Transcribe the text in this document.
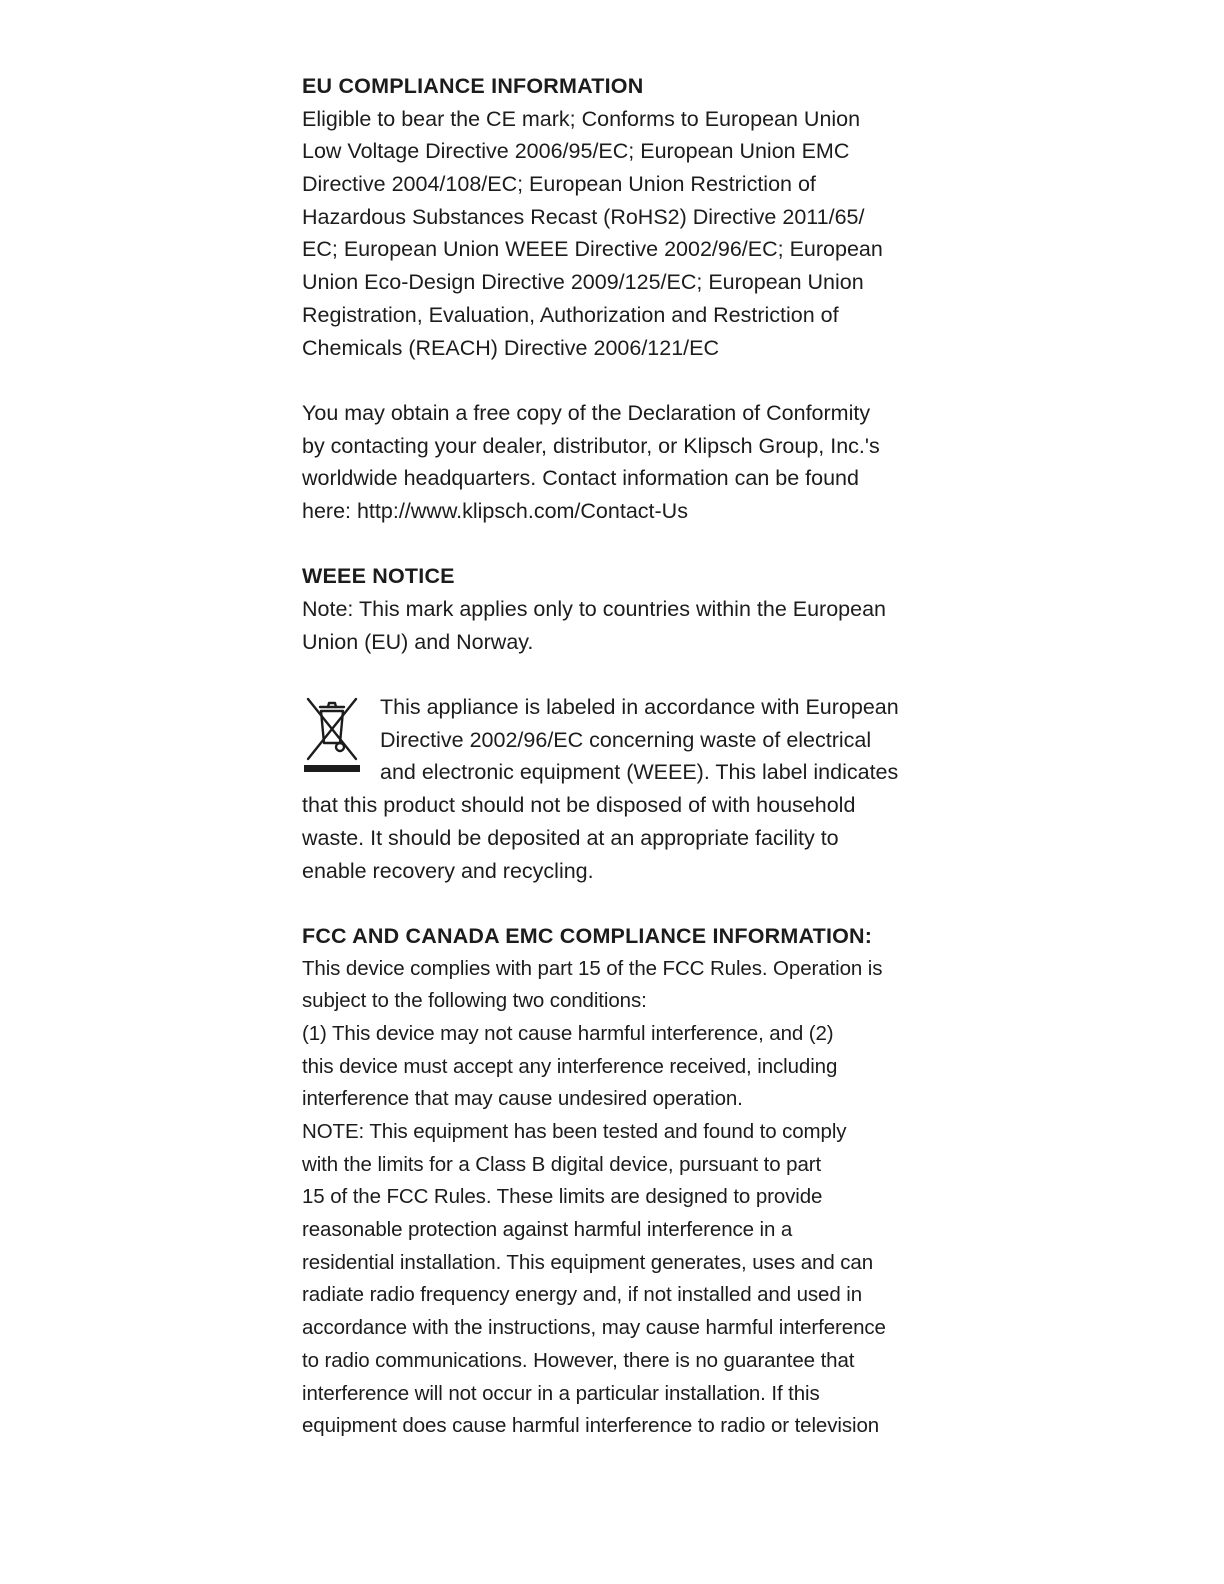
EU COMPLIANCE INFORMATION
Eligible to bear the CE mark; Conforms to European Union
Low Voltage Directive 2006/95/EC; European Union EMC
Directive 2004/108/EC; European Union Restriction of
Hazardous Substances Recast (RoHS2) Directive 2011/65/
EC; European Union WEEE Directive 2002/96/EC; European
Union Eco-Design Directive 2009/125/EC; European Union
Registration, Evaluation, Authorization and Restriction of
Chemicals (REACH) Directive 2006/121/EC
You may obtain a free copy of the Declaration of Conformity
by contacting your dealer, distributor, or Klipsch Group, Inc.'s
worldwide headquarters. Contact information can be found
here: http://www.klipsch.com/Contact-Us
WEEE NOTICE
Note: This mark applies only to countries within the European
Union (EU) and Norway.
This appliance is labeled in accordance with European
Directive 2002/96/EC concerning waste of electrical
and electronic equipment (WEEE). This label indicates
that this product should not be disposed of with household
waste. It should be deposited at an appropriate facility to
enable recovery and recycling.
FCC AND CANADA EMC COMPLIANCE INFORMATION:
This device complies with part 15 of the FCC Rules. Operation is
subject to the following two conditions:
(1) This device may not cause harmful interference, and (2)
this device must accept any interference received, including
interference that may cause undesired operation.
NOTE: This equipment has been tested and found to comply
with the limits for a Class B digital device, pursuant to part
15 of the FCC Rules. These limits are designed to provide
reasonable protection against harmful interference in a
residential installation. This equipment generates, uses and can
radiate radio frequency energy and, if not installed and used in
accordance with the instructions, may cause harmful interference
to radio communications. However, there is no guarantee that
interference will not occur in a particular installation. If this
equipment does cause harmful interference to radio or television
